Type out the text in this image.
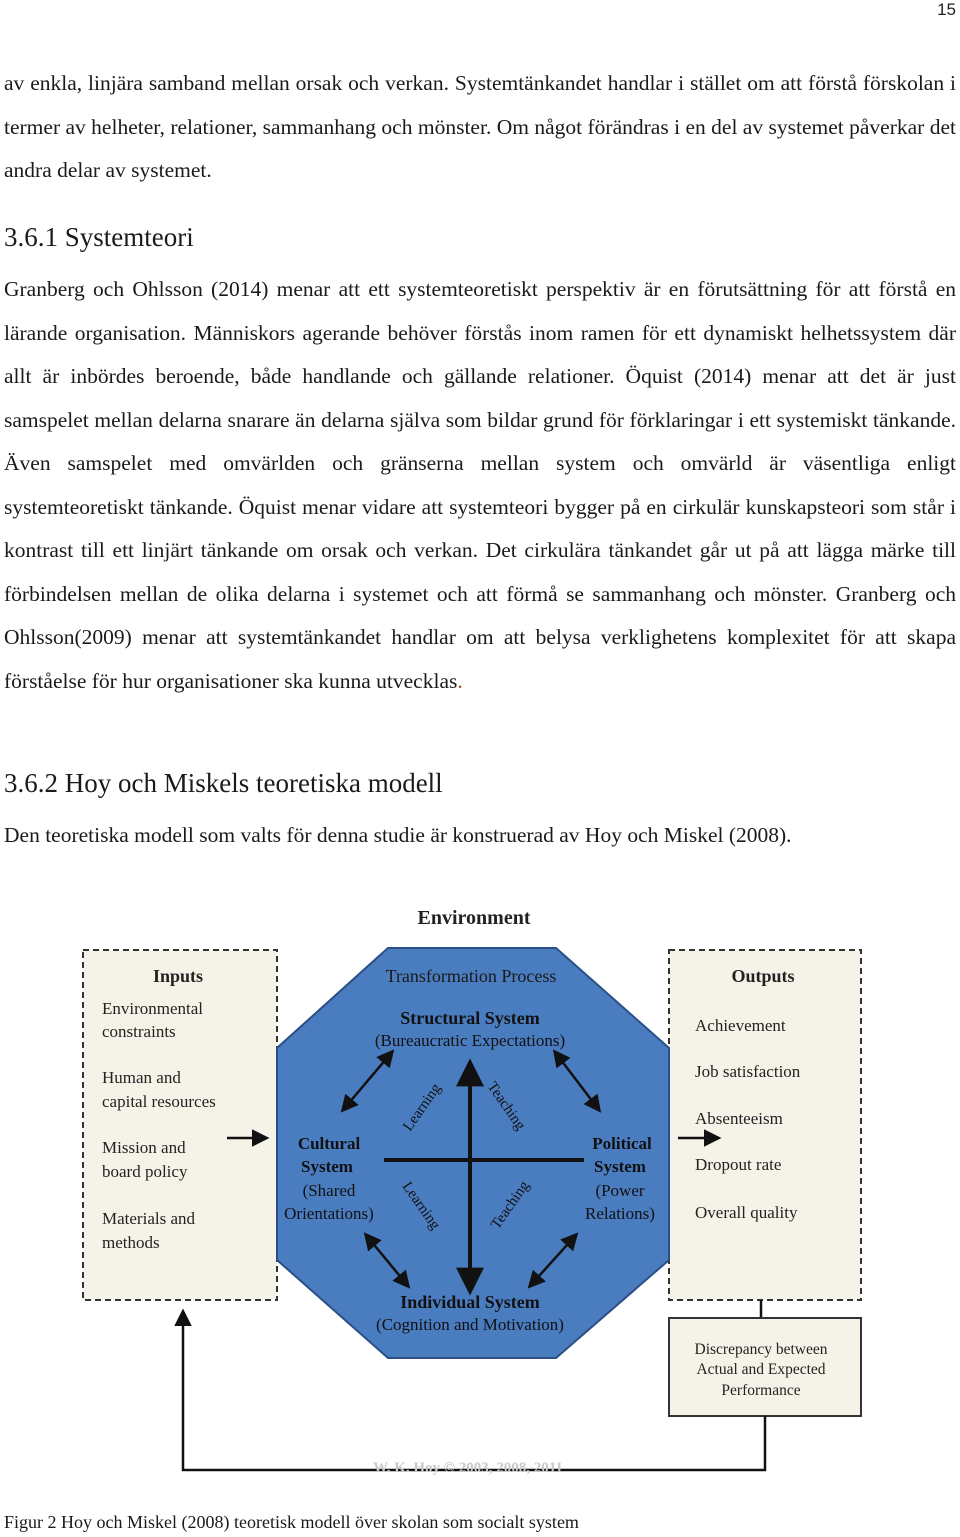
15

av enkla, linjära samband mellan orsak och verkan. Systemtänkandet handlar i stället om att förstå förskolan i termer av helheter, relationer, sammanhang och mönster. Om något förändras i en del av systemet påverkar det andra delar av systemet.

3.6.1 Systemteori

Granberg och Ohlsson (2014) menar att ett systemteoretiskt perspektiv är en förutsättning för att förstå en lärande organisation. Människors agerande behöver förstås inom ramen för ett dynamiskt helhetssystem där allt är inbördes beroende, både handlande och gällande relationer. Öquist (2014) menar att det är just samspelet mellan delarna snarare än delarna själva som bildar grund för förklaringar i ett systemiskt tänkande. Även samspelet med omvärlden och gränserna mellan system och omvärld är väsentliga enligt systemteoretiskt tänkande. Öquist menar vidare att systemteori bygger på en cirkulär kunskapsteori som står i kontrast till ett linjärt tänkande om orsak och verkan. Det cirkulära tänkandet går ut på att lägga märke till förbindelsen mellan de olika delarna i systemet och att förmå se sammanhang och mönster. Granberg och Ohlsson(2009) menar att systemtänkandet handlar om att belysa verklighetens komplexitet för att skapa förståelse för hur organisationer ska kunna utvecklas.

3.6.2 Hoy och Miskels teoretiska modell

Den teoretiska modell som valts för denna studie är konstruerad av Hoy och Miskel (2008).

Environment
Inputs
Environmental
constraints
Human and
capital resources
Mission and
board policy
Materials and
methods
Outputs
Achievement
Job satisfaction
Absenteeism
Dropout rate
Overall quality
Transformation Process
Structural System
(Bureaucratic Expectations)
Cultural
System
(Shared
Orientations)
Political
System
(Power
Relations)
Individual System
(Cognition and Motivation)
Learning	Teaching
Learning	Teaching
Discrepancy between
Actual and Expected
Performance
W. K. Hoy © 2003, 2008, 2011

Figur 2 Hoy och Miskel (2008) teoretisk modell över skolan som socialt system
